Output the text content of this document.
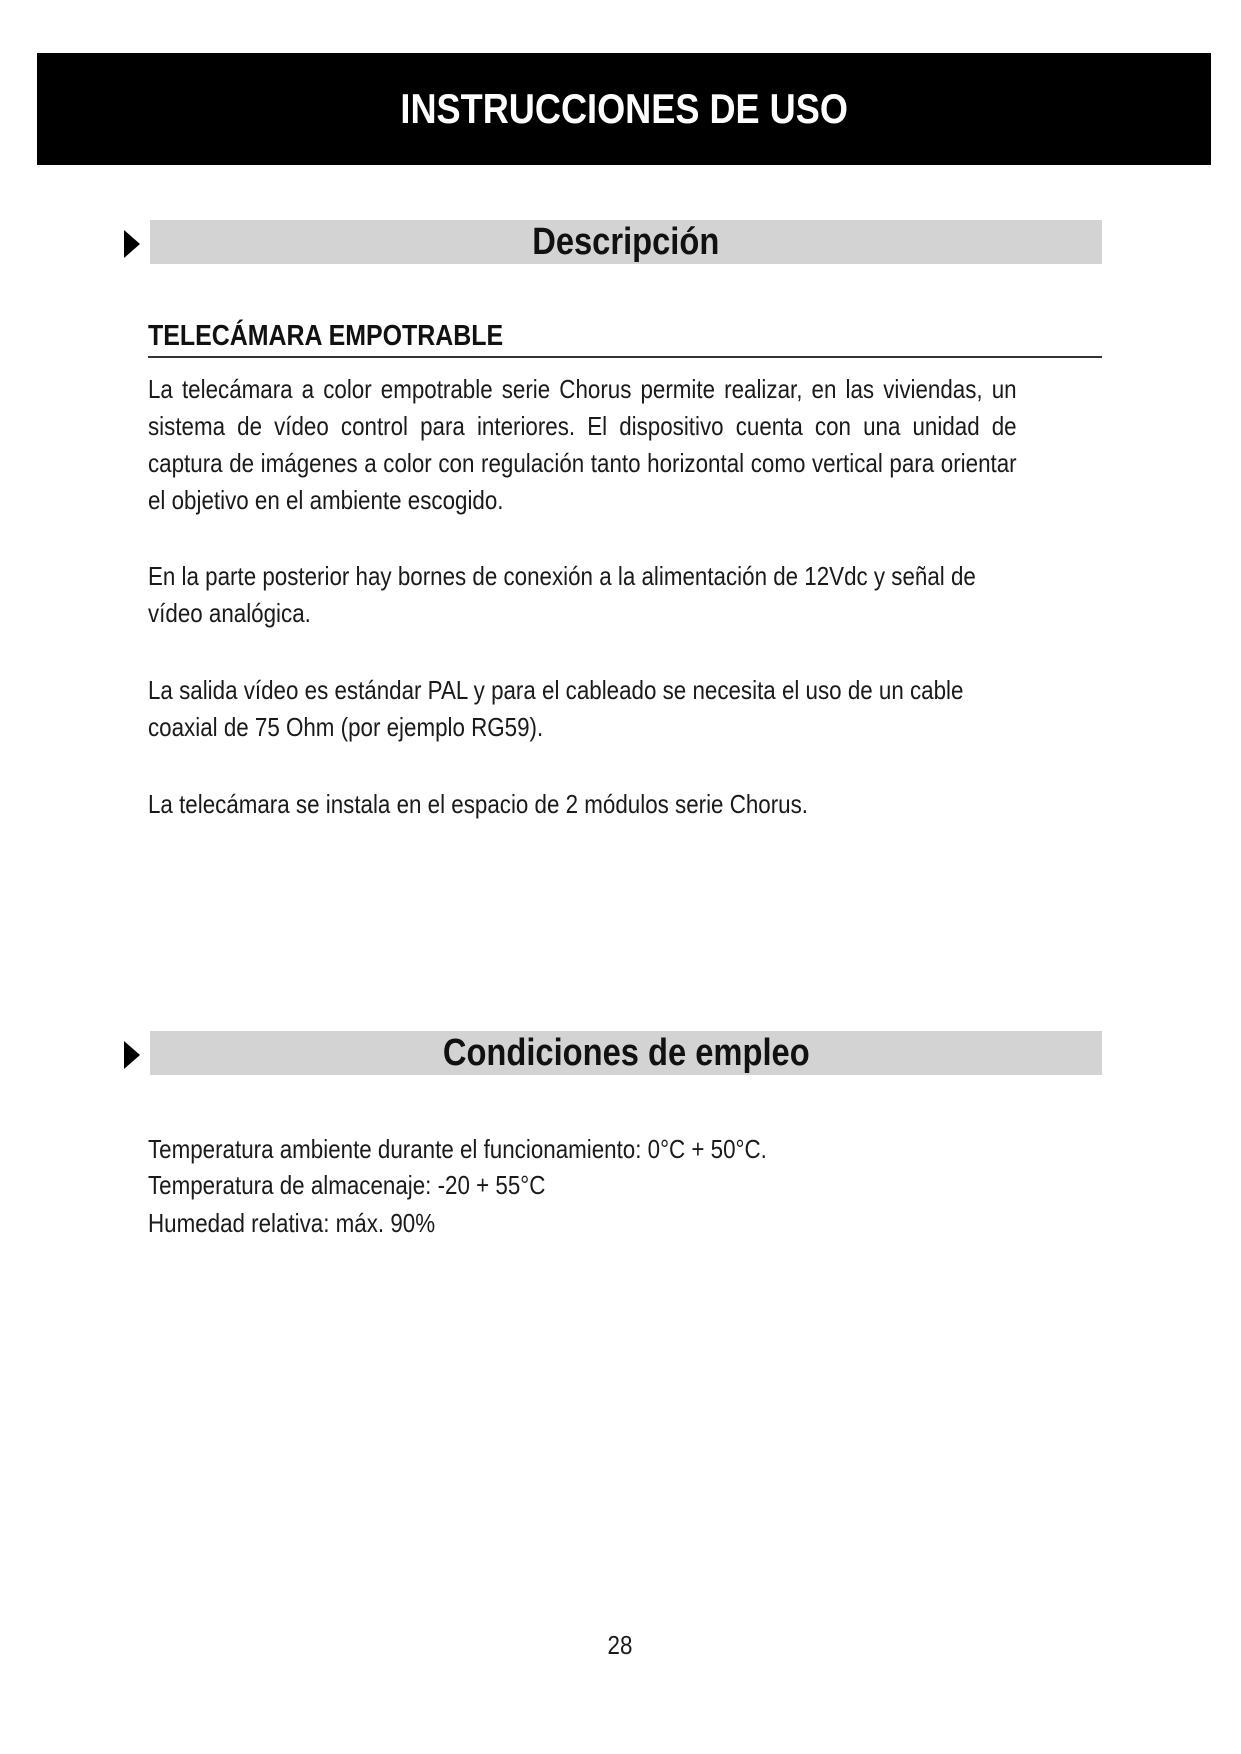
INSTRUCCIONES DE USO
Descripción
TELECÁMARA EMPOTRABLE

La telecámara a color empotrable serie Chorus permite realizar, en las viviendas, un sistema de vídeo control para interiores. El dispositivo cuenta con una unidad de captura de imágenes a color con regulación tanto horizontal como vertical para orientar el objetivo en el ambiente escogido.

En la parte posterior hay bornes de conexión a la alimentación de 12Vdc y señal de vídeo analógica.

La salida vídeo es estándar PAL y para el cableado se necesita el uso de un cable coaxial de 75 Ohm (por ejemplo RG59).

La telecámara se instala en el espacio de 2 módulos serie Chorus.

Condiciones de empleo

Temperatura ambiente durante el funcionamiento: 0°C + 50°C.

Temperatura de almacenaje: -20 + 55°C

Humedad relativa: máx. 90%

28
